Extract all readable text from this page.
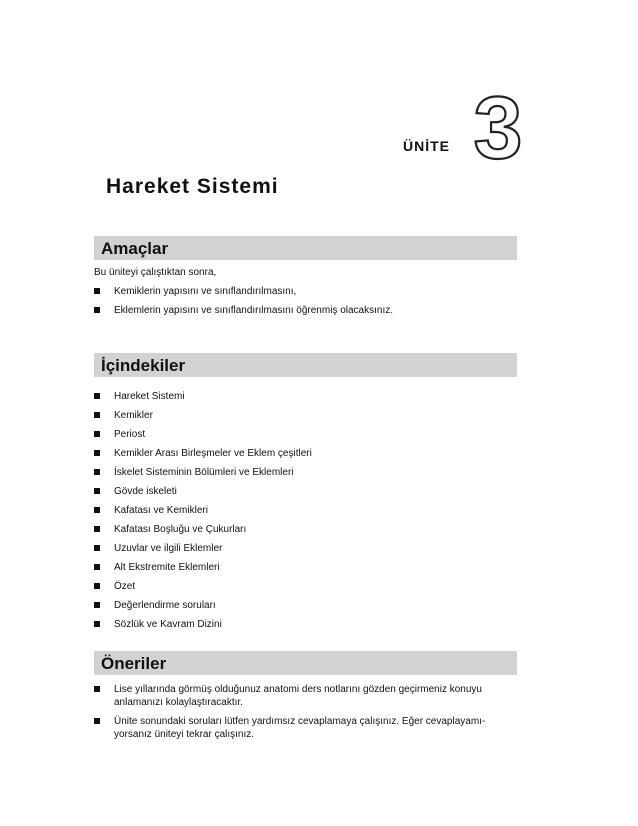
ÜNİTE 3
Hareket Sistemi
Amaçlar
Bu üniteyi çalıştıktan sonra,
Kemiklerin yapısını ve sınıflandırılmasını,
Eklemlerin yapısını ve sınıflandırılmasını öğrenmiş olacaksınız.
İçindekiler
Hareket Sistemi
Kemikler
Periost
Kemikler Arası Birleşmeler ve Eklem çeşitleri
İskelet Sisteminin Bölümleri ve Eklemleri
Gövde iskeleti
Kafatası ve Kemikleri
Kafatası Boşluğu ve Çukurları
Uzuvlar ve ilgili Eklemler
Alt Ekstremite Eklemleri
Özet
Değerlendirme soruları
Sözlük ve Kavram Dizini
Öneriler
Lise yıllarında görmüş olduğunuz anatomi ders notlarını gözden geçirmeniz konuyu anlamanızı kolaylaştıracaktır.
Ünite sonundaki soruları lütfen yardımsız cevaplamaya çalışınız. Eğer cevaplayamı- yorsanız üniteyi tekrar çalışınız.
